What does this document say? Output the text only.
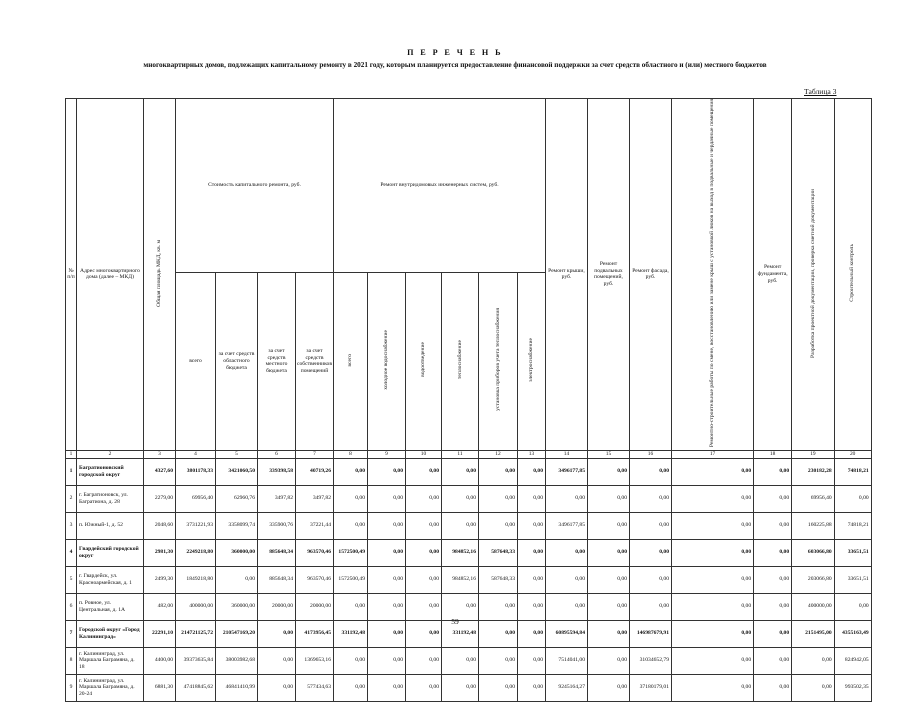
П Е Р Е Ч Е Н Ь
многоквартирных домов, подлежащих капитальному ремонту в 2021 году, которым планируется предоставление финансовой поддержки за счет средств областного и (или) местного бюджетов
Таблица 3
№ п/п	Адрес многоквартирного дома (далее – МКД)	Общая площадь МКД, кв. м	Стоимость капитального ремонта, руб.				Ремонт внутридомовых инженерных систем, руб.						Ремонт крыши, руб.	Ремонт подвальных помещений, руб.	Ремонт фасада, руб.	Ремонтно-строительные работы по смене, восстановлению или замене крыш с установкой люков на выход в подвальные и чердачные помещения	Ремонт фундамента, руб.	Разработка проектной документации, проверка сметной документации	Строительный контроль
			всего	за счет средств областного бюджета	за счет средств местного бюджета	за счет средств собственников помещений	всего	холодное водоснабжение	водоотведение	теплоснабжение	установка приборов учета теплоснабжения	электроснабжение							
1	2	3	4	5	6	7	8	9	10	11	12	13	14	15	16	17	18	19	20
1	Багратионовский городской округ	4327,60	3801178,33	3421060,50	339398,58	40719,26	0,00	0,00	0,00	0,00	0,00	0,00	3496177,85	0,00	0,00	0,00	0,00	230182,28	74818,21
2	г. Багратионовск, ул. Багратиона, д. 28	2279,00	69956,40	62960,76	3497,82	3497,82	0,00	0,00	0,00	0,00	0,00	0,00	0,00	0,00	0,00	0,00	0,00	69956,40	0,00
3	п. Южный-1, д. 52	2048,60	3731221,93	3358099,74	335900,76	37221,44	0,00	0,00	0,00	0,00	0,00	0,00	3496177,85	0,00	0,00	0,00	0,00	160225,88	74818,21
4	Гвардейский городской округ	2981,30	2249218,80	360000,00	885648,34	963570,46	1572500,49	0,00	0,00	984852,16	587648,33	0,00	0,00	0,00	0,00	0,00	0,00	603066,80	33651,51
5	г. Гвардейск, ул. Красноармейская, д. 1	2499,30	1849218,80	0,00	885648,34	963570,46	1572500,49	0,00	0,00	984852,16	587648,33	0,00	0,00	0,00	0,00	0,00	0,00	203066,80	33651,51
6	п. Ровное, ул. Центральная, д. 1А	482,00	400000,00	360000,00	20000,00	20000,00	0,00	0,00	0,00	0,00	0,00	0,00	0,00	0,00	0,00	0,00	0,00	400000,00	0,00
7	Городской округ «Город Калининград»	22291,10	214721125,72	210547169,20	0,00	4173956,45	331192,48	0,00	0,00	331192,48	0,00	0,00	60895594,84	0,00	146987679,91	0,00	0,00	2151495,00	4355163,49
8	г. Калининград, ул. Маршала Баграмяна, д. 18	4400,00	39373635,84	38003982,68	0,00	1369653,16	0,00	0,00	0,00	0,00	0,00	0,00	7514041,00	0,00	31034652,79	0,00	0,00	0,00	824942,05
9	г. Калининград, ул. Маршала Баграмяна, д. 20-24	6881,30	47418845,62	46841410,99	0,00	577434,63	0,00	0,00	0,00	0,00	0,00	0,00	9245164,27	0,00	37180179,01	0,00	0,00	0,00	993502,35
59
